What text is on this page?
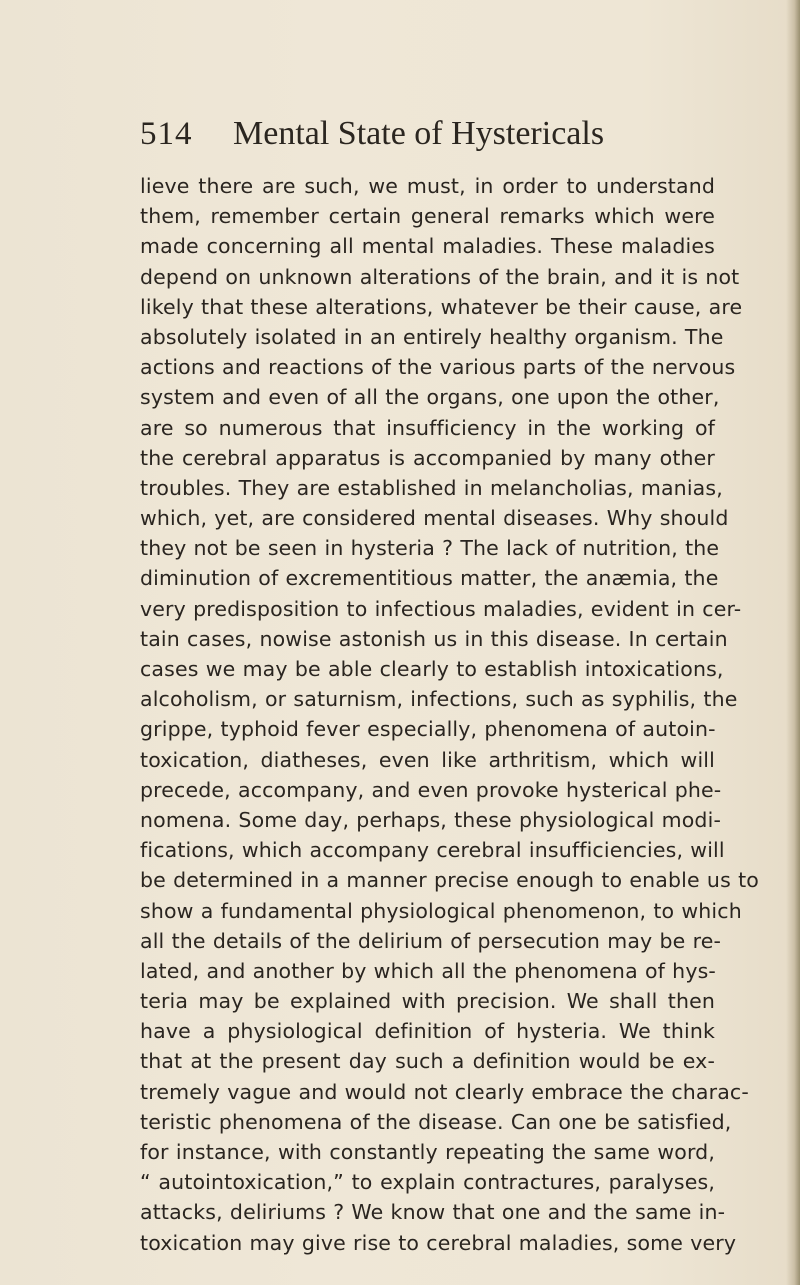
514 Mental State of Hystericals
lieve there are such, we must, in order to understand
them, remember certain general remarks which were
made concerning all mental maladies. These maladies
depend on unknown alterations of the brain, and it is not
likely that these alterations, whatever be their cause, are
absolutely isolated in an entirely healthy organism. The
actions and reactions of the various parts of the nervous
system and even of all the organs, one upon the other,
are so numerous that insufficiency in the working of
the cerebral apparatus is accompanied by many other
troubles. They are established in melancholias, manias,
which, yet, are considered mental diseases. Why should
they not be seen in hysteria ? The lack of nutrition, the
diminution of excrementitious matter, the anæmia, the
very predisposition to infectious maladies, evident in cer-
tain cases, nowise astonish us in this disease. In certain
cases we may be able clearly to establish intoxications,
alcoholism, or saturnism, infections, such as syphilis, the
grippe, typhoid fever especially, phenomena of autoin-
toxication, diatheses, even like arthritism, which will
precede, accompany, and even provoke hysterical phe-
nomena. Some day, perhaps, these physiological modi-
fications, which accompany cerebral insufficiencies, will
be determined in a manner precise enough to enable us to
show a fundamental physiological phenomenon, to which
all the details of the delirium of persecution may be re-
lated, and another by which all the phenomena of hys-
teria may be explained with precision. We shall then
have a physiological definition of hysteria. We think
that at the present day such a definition would be ex-
tremely vague and would not clearly embrace the charac-
teristic phenomena of the disease. Can one be satisfied,
for instance, with constantly repeating the same word,
“ autointoxication,” to explain contractures, paralyses,
attacks, deliriums ? We know that one and the same in-
toxication may give rise to cerebral maladies, some very
